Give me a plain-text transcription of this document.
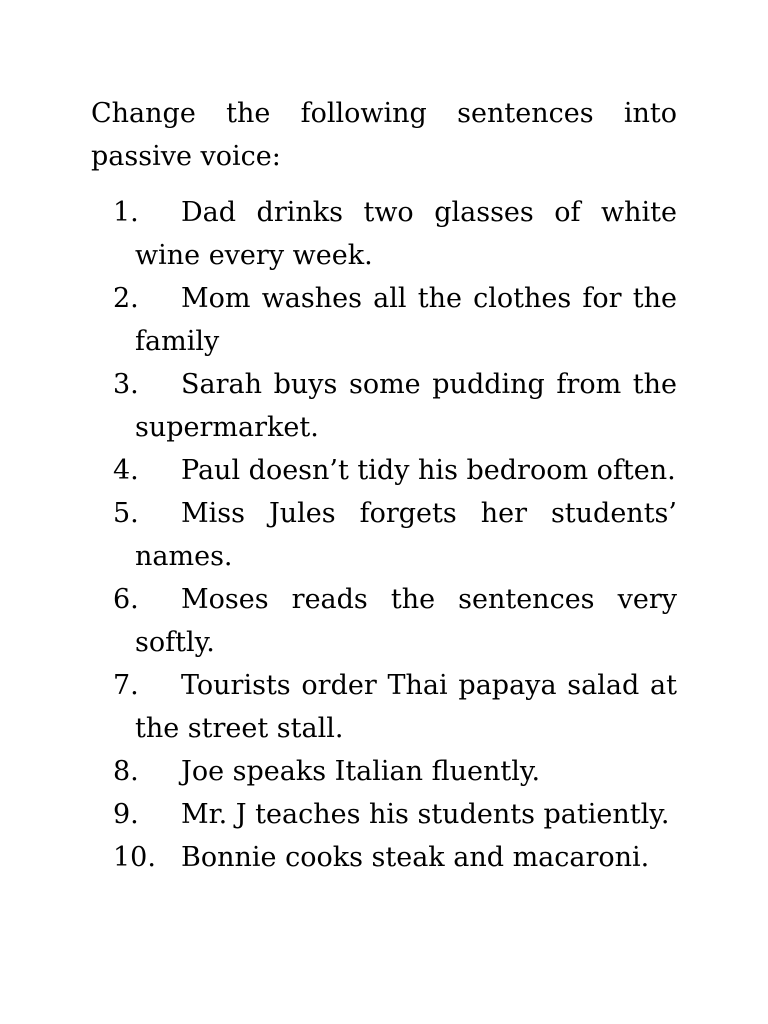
Change the following sentences into passive voice:

1. Dad drinks two glasses of white wine every week.
2. Mom washes all the clothes for the family
3. Sarah buys some pudding from the supermarket.
4. Paul doesn’t tidy his bedroom often.
5. Miss Jules forgets her students’ names.
6. Moses reads the sentences very softly.
7. Tourists order Thai papaya salad at the street stall.
8. Joe speaks Italian fluently.
9. Mr. J teaches his students patiently.
10. Bonnie cooks steak and macaroni.
